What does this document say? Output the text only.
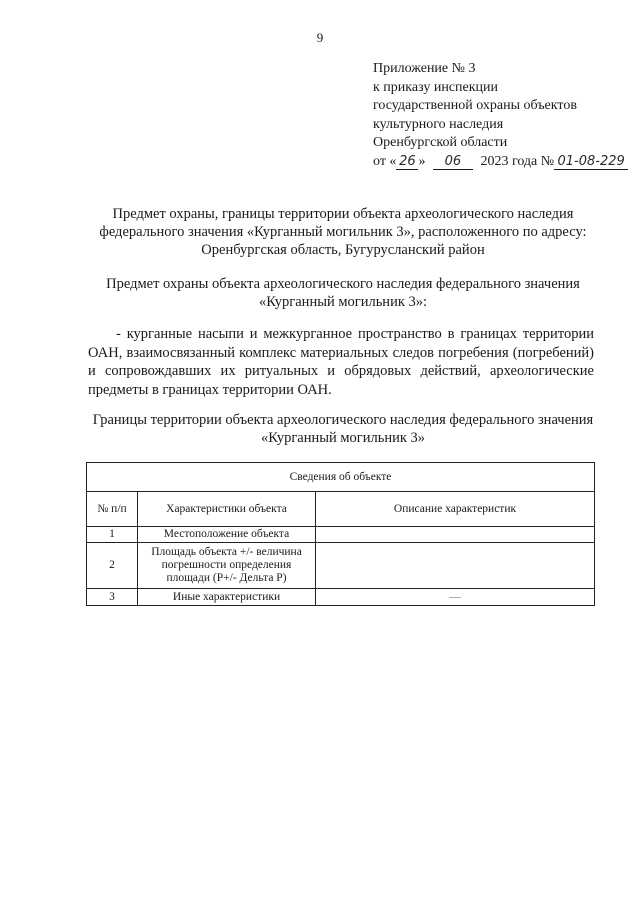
9
Приложение № 3
к приказу инспекции
государственной охраны объектов
культурного наследия
Оренбургской области
от « 26 » 06 2023 года № 01-08-229
Предмет охраны, границы территории объекта археологического наследия федерального значения «Курганный могильник 3», расположенного по адресу: Оренбургская область, Бугурусланский район
Предмет охраны объекта археологического наследия федерального значения «Курганный могильник 3»:

- курганные насыпи и межкурганное пространство в границах территории ОАН, взаимосвязанный комплекс материальных следов погребения (погребений) и сопровождавших их ритуальных и обрядовых действий, археологические предметы в границах территории ОАН.

Границы территории объекта археологического наследия федерального значения «Курганный могильник 3»
Сведения об объекте		
№ п/п	Характеристики объекта	Описание характеристик
1	Местоположение объекта	
2	Площадь объекта +/- величина погрешности определения площади (P+/- Дельта P)	
3	Иные характеристики	—
